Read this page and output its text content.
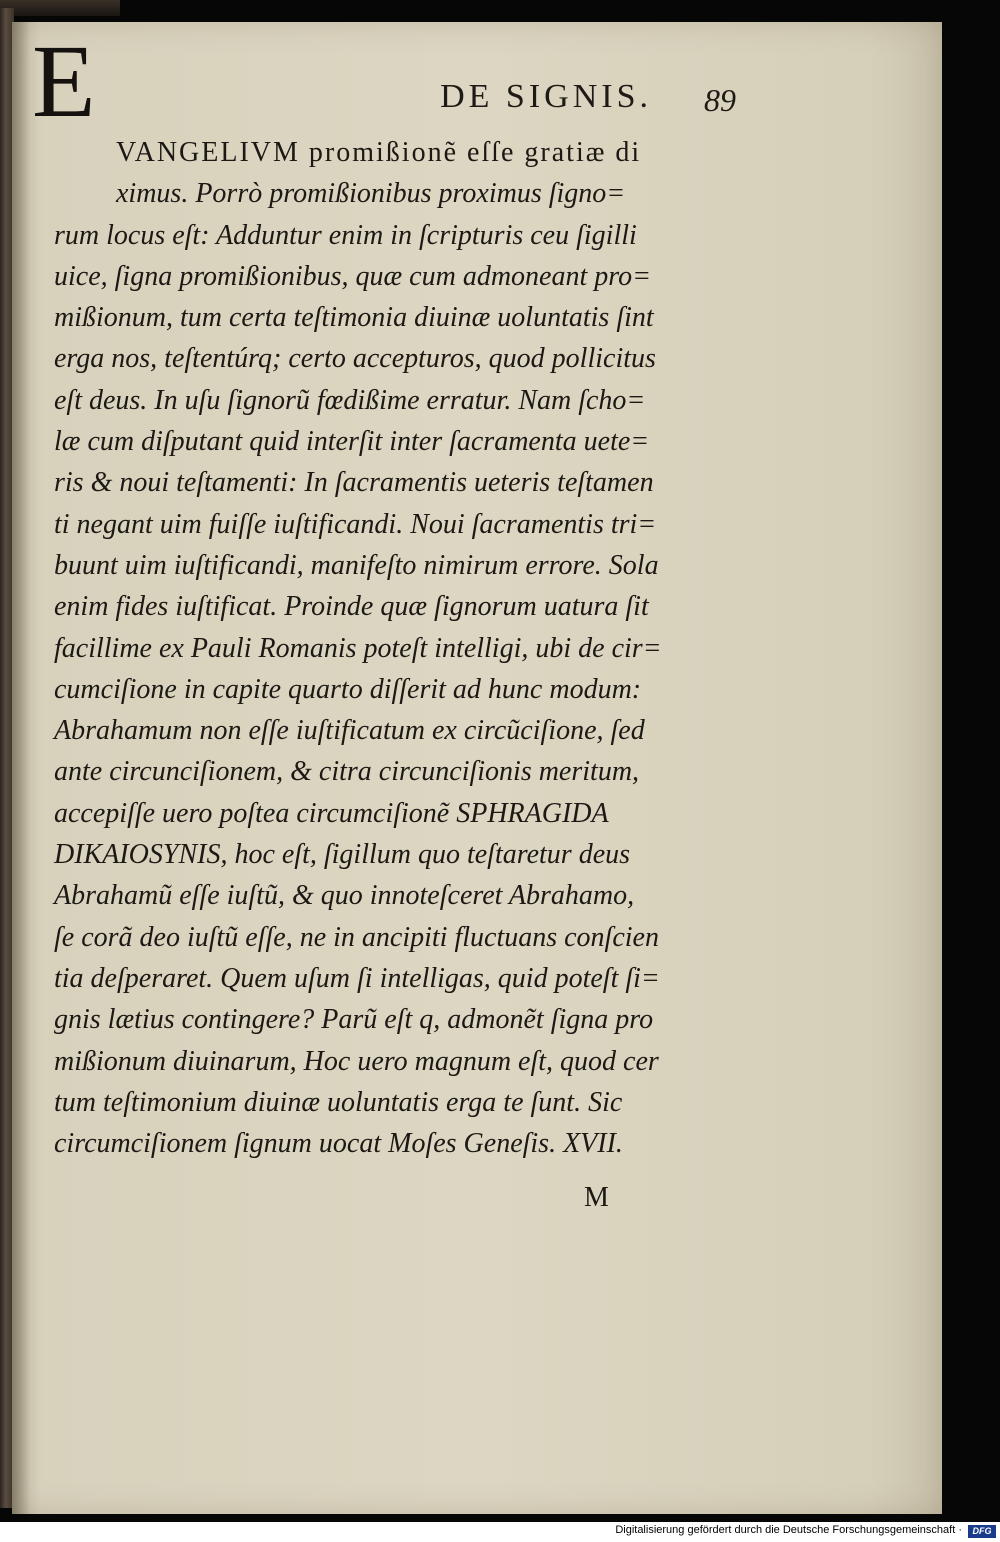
DE SIGNIS. 89
E
VANGELIVM promißionẽ eſſe gratiæ di
ximus. Porrò promißionibus proximus ſigno=
rum locus eſt: Adduntur enim in ſcripturis ceu ſigilli
uice, ſigna promißionibus, quæ cum admoneant pro=
mißionum, tum certa teſtimonia diuinæ uoluntatis ſint
erga nos, teſtentúrq; certo accepturos, quod pollicitus
eſt deus. In uſu ſignorũ fœdißime erratur. Nam ſcho=
læ cum diſputant quid interſit inter ſacramenta uete=
ris & noui teſtamenti: In ſacramentis ueteris teſtamen
ti negant uim fuiſſe iuſtificandi. Noui ſacramentis tri=
buunt uim iuſtificandi, manifeſto nimirum errore. Sola
enim fides iuſtificat. Proinde quæ ſignorum uatura ſit
facillime ex Pauli Romanis poteſt intelligi, ubi de cir=
cumciſione in capite quarto diſſerit ad hunc modum:
Abrahamum non eſſe iuſtificatum ex circũciſione, ſed
ante circunciſionem, & citra circunciſionis meritum,
accepiſſe uero poſtea circumciſionẽ SPHRAGIDA
DIKAIOSYNIS, hoc eſt, ſigillum quo teſtaretur deus
Abrahamũ eſſe iuſtũ, & quo innoteſceret Abrahamo,
ſe corã deo iuſtũ eſſe, ne in ancipiti fluctuans conſcien
tia deſperaret. Quem uſum ſi intelligas, quid poteſt ſi=
gnis lætius contingere? Parũ eſt q, admonẽt ſigna pro
mißionum diuinarum, Hoc uero magnum eſt, quod cer
tum teſtimonium diuinæ uoluntatis erga te ſunt. Sic
circumciſionem ſignum uocat Moſes Geneſis. XVII.
M
Digitalisierung gefördert durch die Deutsche Forschungsgemeinschaft ·	DFG
